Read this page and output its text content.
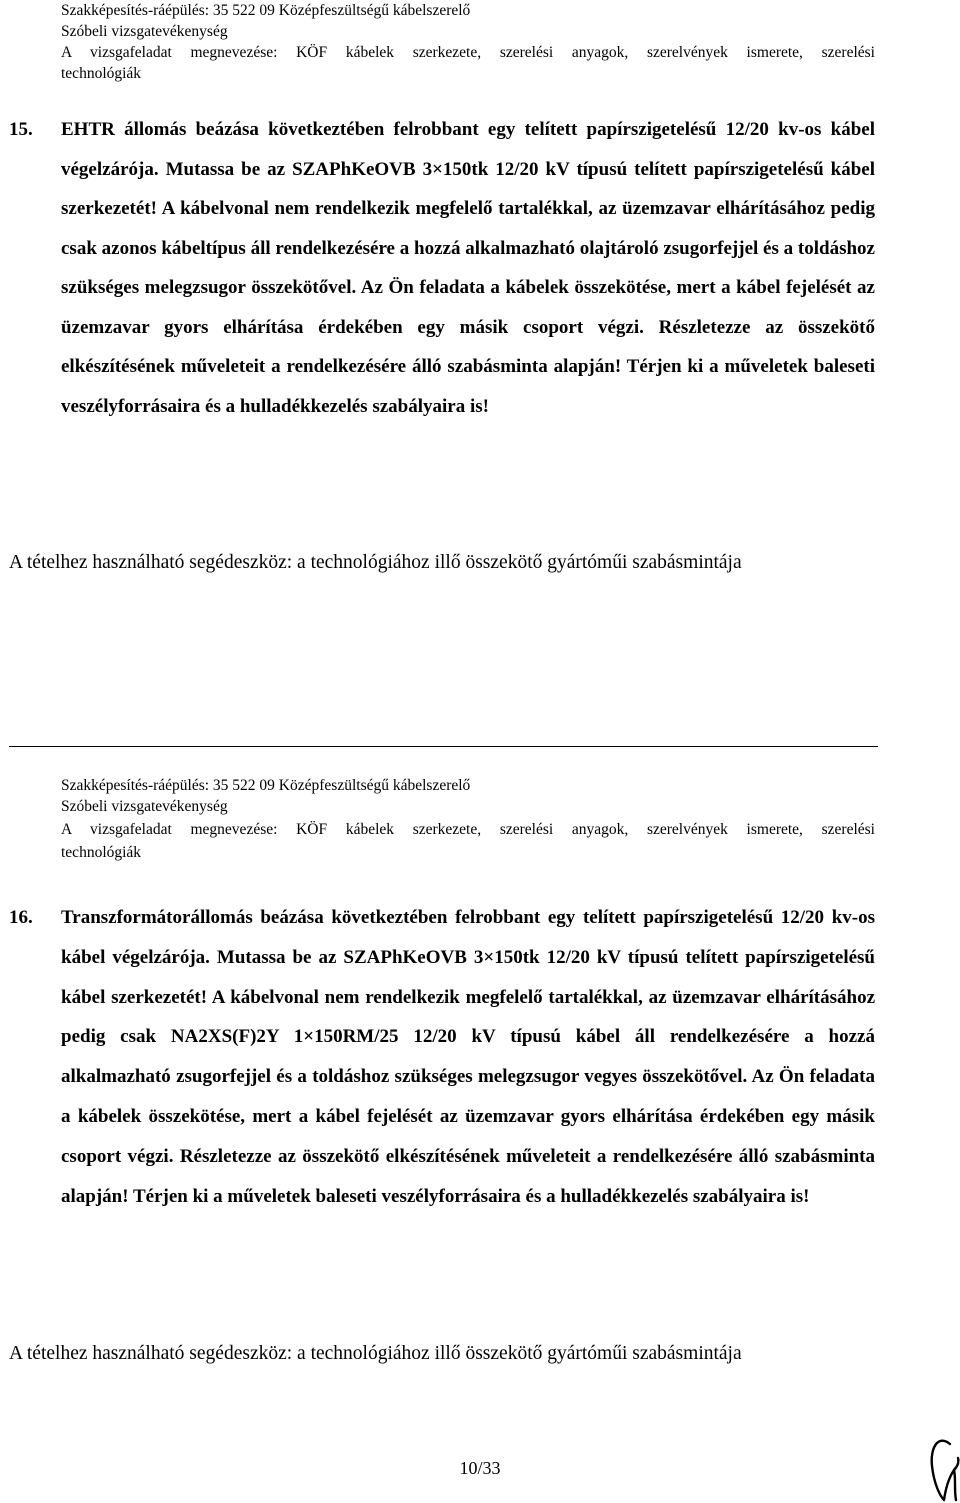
Szakképesítés-ráépülés: 35 522 09 Középfeszültségű kábelszerelő
Szóbeli vizsgatevékenység
A vizsgafeladat megnevezése: KÖF kábelek szerkezete, szerelési anyagok, szerelvények ismerete, szerelési
technológiák
15. EHTR állomás beázása következtében felrobbant egy telített papírszigetelésű 12/20 kv-os kábel végelzárója. Mutassa be az SZAPhKeOVB 3×150tk 12/20 kV típusú telített papírszigetelésű kábel szerkezetét! A kábelvonal nem rendelkezik megfelelő tartalékkal, az üzemzavar elhárításához pedig csak azonos kábeltípus áll rendelkezésére a hozzá alkalmazható olajtároló zsugorfejjel és a toldáshoz szükséges melegzsugor összekötővel. Az Ön feladata a kábelek összekötése, mert a kábel fejelését az üzemzavar gyors elhárítása érdekében egy másik csoport végzi. Részletezze az összekötő elkészítésének műveleteit a rendelkezésére álló szabásminta alapján! Térjen ki a műveletek baleseti veszélyforrásaira és a hulladékkezelés szabályaira is!
A tételhez használható segédeszköz: a technológiához illő összekötő gyártóműi szabásmintája
Szakképesítés-ráépülés: 35 522 09 Középfeszültségű kábelszerelő
Szóbeli vizsgatevékenység
A vizsgafeladat megnevezése: KÖF kábelek szerkezete, szerelési anyagok, szerelvények ismerete, szerelési
technológiák
16. Transzformátorállomás beázása következtében felrobbant egy telített papírszigetelésű 12/20 kv-os kábel végelzárója. Mutassa be az SZAPhKeOVB 3×150tk 12/20 kV típusú telített papírszigetelésű kábel szerkezetét! A kábelvonal nem rendelkezik megfelelő tartalékkal, az üzemzavar elhárításához pedig csak NA2XS(F)2Y 1×150RM/25 12/20 kV típusú kábel áll rendelkezésére a hozzá alkalmazható zsugorfejjel és a toldáshoz szükséges melegzsugor vegyes összekötővel. Az Ön feladata a kábelek összekötése, mert a kábel fejelését az üzemzavar gyors elhárítása érdekében egy másik csoport végzi. Részletezze az összekötő elkészítésének műveleteit a rendelkezésére álló szabásminta alapján! Térjen ki a műveletek baleseti veszélyforrásaira és a hulladékkezelés szabályaira is!
A tételhez használható segédeszköz: a technológiához illő összekötő gyártóműi szabásmintája
10/33
